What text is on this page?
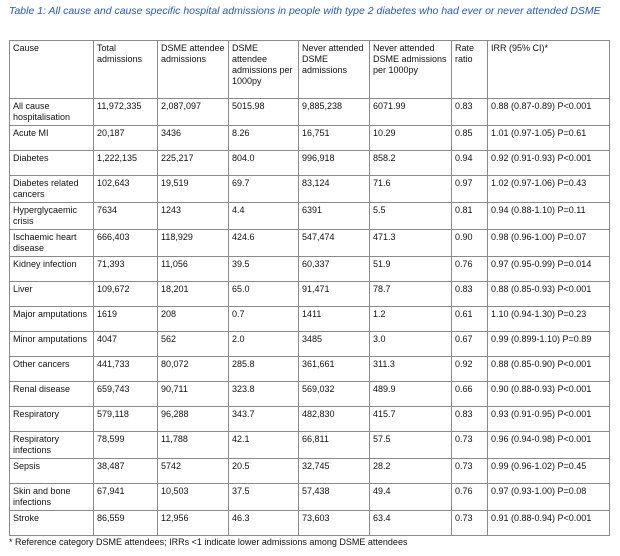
Table 1: All cause and cause specific hospital admissions in people with type 2 diabetes who had ever or never attended DSME
Cause	Total admissions	DSME attendee admissions	DSME attendee admissions per 1000py	Never attended DSME admissions	Never attended DSME admissions per 1000py	Rate ratio	IRR (95% CI)*
All cause hospitalisation	11,972,335	2,087,097	5015.98	9,885,238	6071.99	0.83	0.88 (0.87-0.89) P<0.001
Acute MI	20,187	3436	8.26	16,751	10.29	0.85	1.01 (0.97-1.05) P=0.61
Diabetes	1,222,135	225,217	804.0	996,918	858.2	0.94	0.92 (0.91-0.93) P<0.001
Diabetes related cancers	102,643	19,519	69.7	83,124	71.6	0.97	1.02 (0.97-1.06) P=0.43
Hyperglycaemic crisis	7634	1243	4.4	6391	5.5	0.81	0.94 (0.88-1.10) P=0.11
Ischaemic heart disease	666,403	118,929	424.6	547,474	471.3	0.90	0.98 (0.96-1.00) P=0.07
Kidney infection	71,393	11,056	39.5	60,337	51.9	0.76	0.97 (0.95-0.99) P=0.014
Liver	109,672	18,201	65.0	91,471	78.7	0.83	0.88 (0.85-0.93) P<0.001
Major amputations	1619	208	0.7	1411	1.2	0.61	1.10 (0.94-1.30) P=0.23
Minor amputations	4047	562	2.0	3485	3.0	0.67	0.99 (0.899-1.10) P=0.89
Other cancers	441,733	80,072	285.8	361,661	311.3	0.92	0.88 (0.85-0.90) P<0.001
Renal disease	659,743	90,711	323.8	569,032	489.9	0.66	0.90 (0.88-0.93) P<0.001
Respiratory	579,118	96,288	343.7	482,830	415.7	0.83	0.93 (0.91-0.95) P<0.001
Respiratory infections	78,599	11,788	42.1	66,811	57.5	0.73	0.96 (0.94-0.98) P<0.001
Sepsis	38,487	5742	20.5	32,745	28.2	0.73	0.99 (0.96-1.02) P=0.45
Skin and bone infections	67,941	10,503	37.5	57,438	49.4	0.76	0.97 (0.93-1.00) P=0.08
Stroke	86,559	12,956	46.3	73,603	63.4	0.73	0.91 (0.88-0.94) P<0.001
* Reference category DSME attendees; IRRs <1 indicate lower admissions among DSME attendees
